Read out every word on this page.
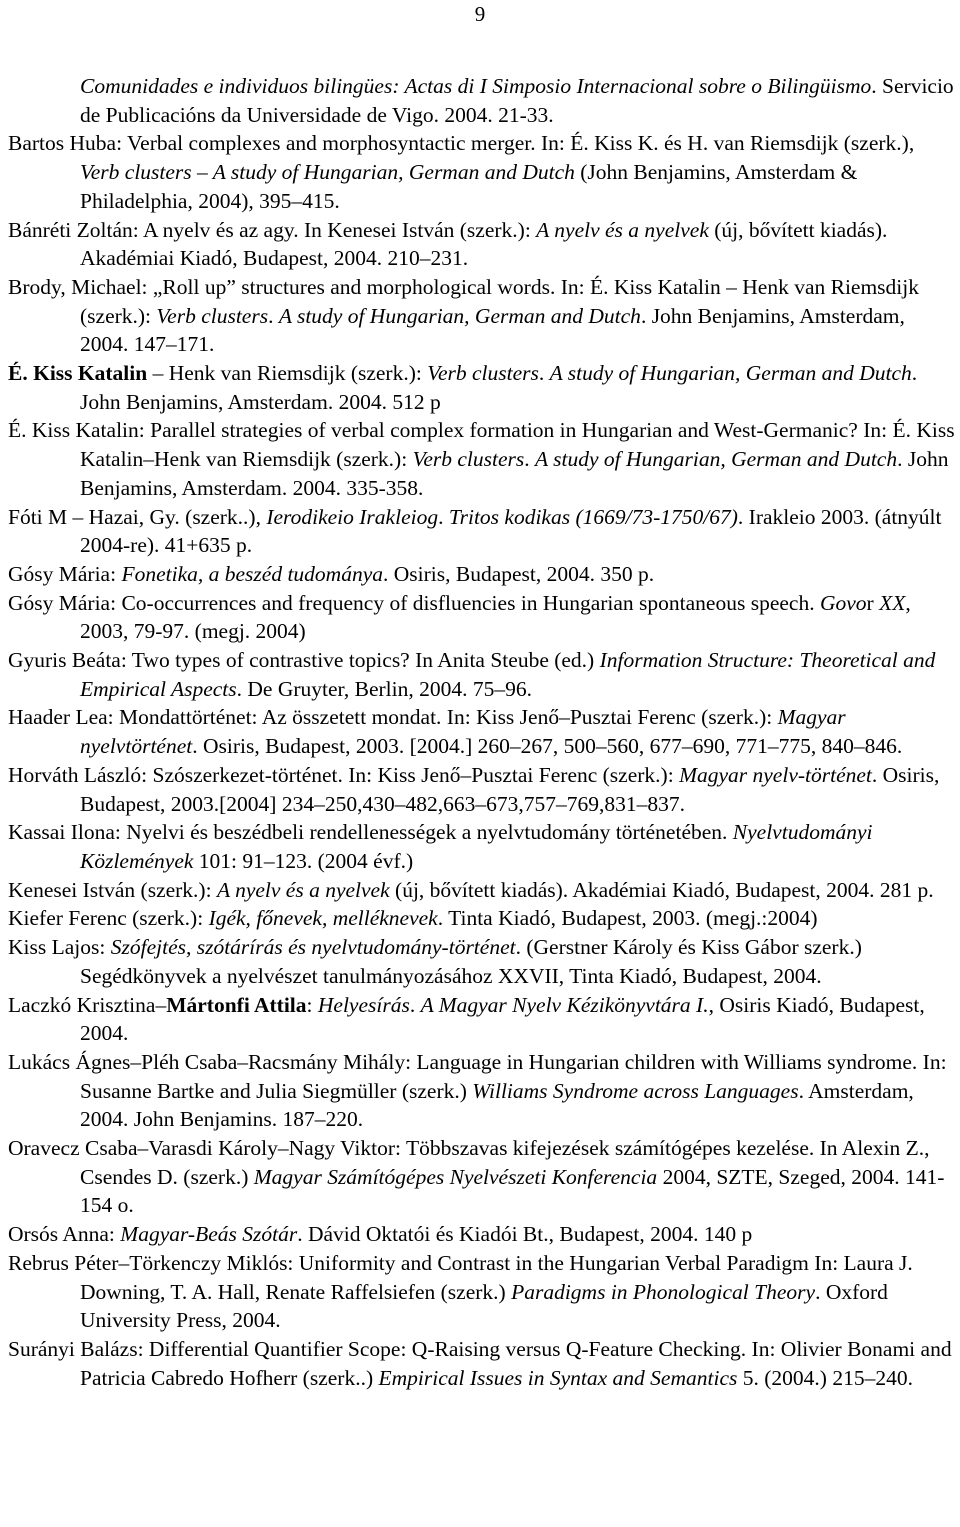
9
Comunidades e individuos bilingües: Actas di I Simposio Internacional sobre o Bilingüismo. Servicio de Publicacións da Universidade de Vigo. 2004. 21-33.
Bartos Huba: Verbal complexes and morphosyntactic merger. In: É. Kiss K. és H. van Riemsdijk (szerk.), Verb clusters – A study of Hungarian, German and Dutch (John Benjamins, Amsterdam & Philadelphia, 2004), 395–415.
Bánréti Zoltán: A nyelv és az agy. In Kenesei István (szerk.): A nyelv és a nyelvek (új, bővített kiadás). Akadémiai Kiadó, Budapest, 2004. 210–231.
Brody, Michael: „Roll up” structures and morphological words. In: É. Kiss Katalin – Henk van Riemsdijk (szerk.): Verb clusters. A study of Hungarian, German and Dutch. John Benjamins, Amsterdam, 2004. 147–171.
É. Kiss Katalin – Henk van Riemsdijk (szerk.): Verb clusters. A study of Hungarian, German and Dutch. John Benjamins, Amsterdam. 2004. 512 p
É. Kiss Katalin: Parallel strategies of verbal complex formation in Hungarian and West-Germanic? In: É. Kiss Katalin–Henk van Riemsdijk (szerk.): Verb clusters. A study of Hungarian, German and Dutch. John Benjamins, Amsterdam. 2004. 335-358.
Fóti M – Hazai, Gy. (szerk..), Ierodikeio Irakleiog. Tritos kodikas (1669/73-1750/67). Irakleio 2003. (átnyúlt 2004-re). 41+635 p.
Gósy Mária: Fonetika, a beszéd tudománya. Osiris, Budapest, 2004. 350 p.
Gósy Mária: Co-occurrences and frequency of disfluencies in Hungarian spontaneous speech. Govor XX, 2003, 79-97. (megj. 2004)
Gyuris Beáta: Two types of contrastive topics? In Anita Steube (ed.) Information Structure: Theoretical and Empirical Aspects. De Gruyter, Berlin, 2004. 75–96.
Haader Lea: Mondattörténet: Az összetett mondat. In: Kiss Jenő–Pusztai Ferenc (szerk.): Magyar nyelvtörténet. Osiris, Budapest, 2003. [2004.] 260–267, 500–560, 677–690, 771–775, 840–846.
Horváth László: Szószerkezet-történet. In: Kiss Jenő–Pusztai Ferenc (szerk.): Magyar nyelv-történet. Osiris, Budapest, 2003.[2004] 234–250,430–482,663–673,757–769,831–837.
Kassai Ilona: Nyelvi és beszédbeli rendellenességek a nyelvtudomány történetében. Nyelvtudományi Közlemények 101: 91–123. (2004 évf.)
Kenesei István (szerk.): A nyelv és a nyelvek (új, bővített kiadás). Akadémiai Kiadó, Budapest, 2004. 281 p.
Kiefer Ferenc (szerk.): Igék, főnevek, melléknevek. Tinta Kiadó, Budapest, 2003. (megj.:2004)
Kiss Lajos: Szófejtés, szótárírás és nyelvtudomány-történet. (Gerstner Károly és Kiss Gábor szerk.) Segédkönyvek a nyelvészet tanulmányozásához XXVII, Tinta Kiadó, Budapest, 2004.
Laczkó Krisztina–Mártonfi Attila: Helyesírás. A Magyar Nyelv Kézikönyvtára I., Osiris Kiadó, Budapest, 2004.
Lukács Ágnes–Pléh Csaba–Racsmány Mihály: Language in Hungarian children with Williams syndrome. In: Susanne Bartke and Julia Siegmüller (szerk.) Williams Syndrome across Languages. Amsterdam, 2004. John Benjamins. 187–220.
Oravecz Csaba–Varasdi Károly–Nagy Viktor: Többszavas kifejezések számítógépes kezelése. In Alexin Z., Csendes D. (szerk.) Magyar Számítógépes Nyelvészeti Konferencia 2004, SZTE, Szeged, 2004. 141-154 o.
Orsós Anna: Magyar-Beás Szótár. Dávid Oktatói és Kiadói Bt., Budapest, 2004. 140 p
Rebrus Péter–Törkenczy Miklós: Uniformity and Contrast in the Hungarian Verbal Paradigm In: Laura J. Downing, T. A. Hall, Renate Raffelsiefen (szerk.) Paradigms in Phonological Theory. Oxford University Press, 2004.
Surányi Balázs: Differential Quantifier Scope: Q-Raising versus Q-Feature Checking. In: Olivier Bonami and Patricia Cabredo Hofherr (szerk..) Empirical Issues in Syntax and Semantics 5. (2004.) 215–240.
